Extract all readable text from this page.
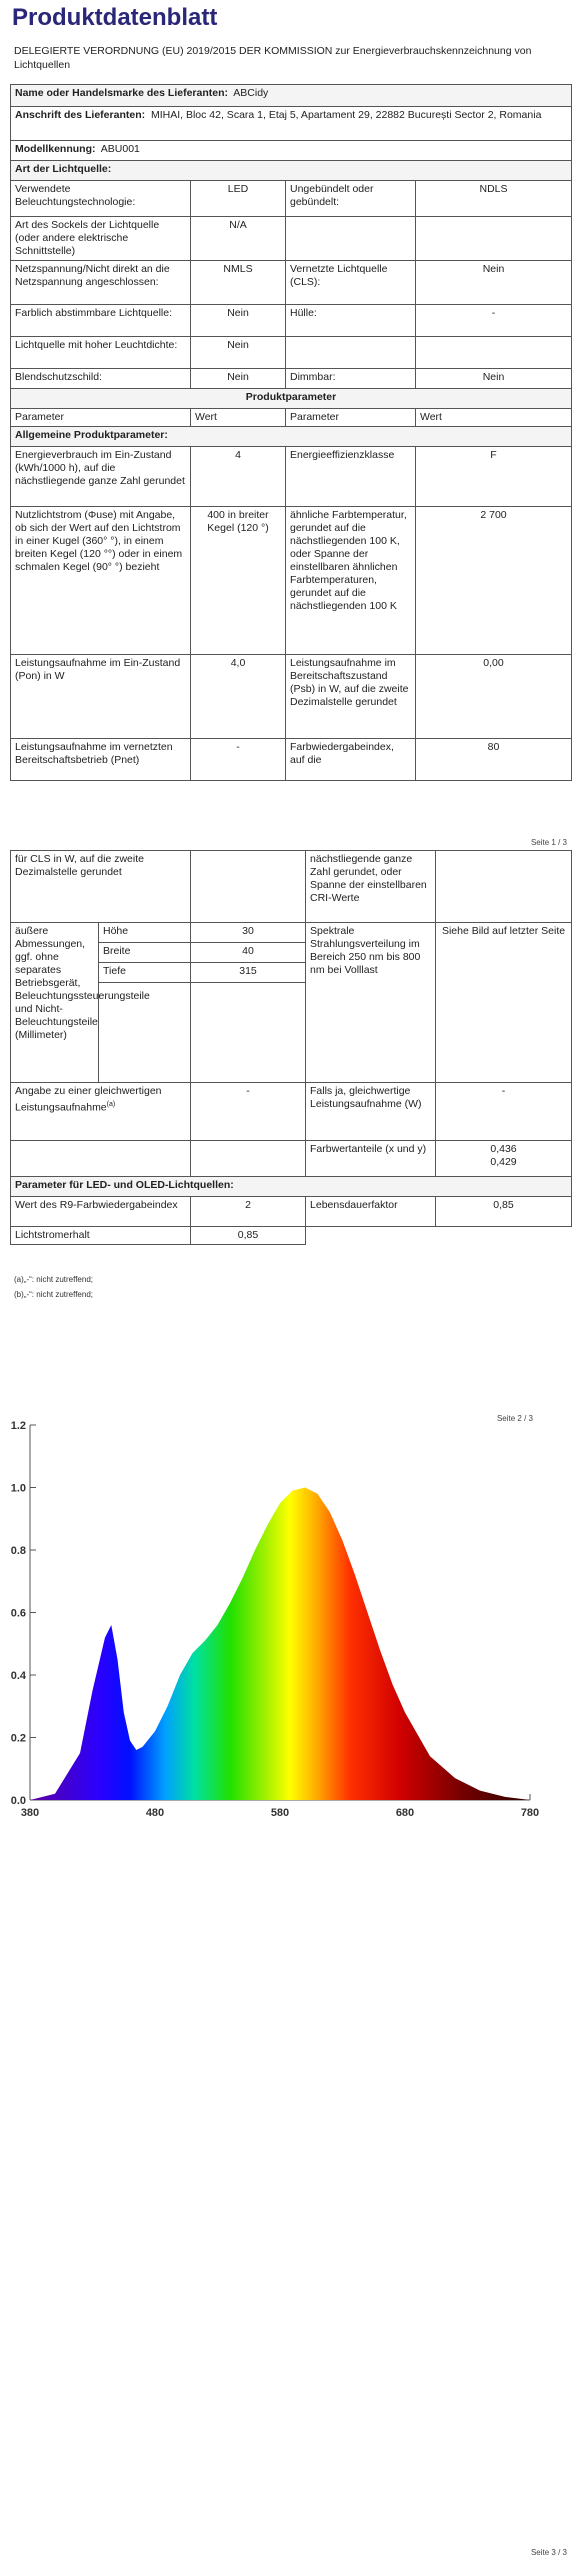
Produktdatenblatt
DELEGIERTE VERORDNUNG (EU) 2019/2015 DER KOMMISSION zur Energieverbrauchskennzeichnung von Lichtquellen
Name oder Handelsmarke des Lieferanten: ABCidy			
Anschrift des Lieferanten: MIHAI, Bloc 42, Scara 1, Etaj 5, Apartament 29, 22882 București Sector 2, Romania			
Modellkennung: ABU001			
Art der Lichtquelle:			
Verwendete Beleuchtungstechnologie:	LED	Ungebündelt oder gebündelt:	NDLS
Art des Sockels der Lichtquelle (oder andere elektrische Schnittstelle)	N/A		
Netzspannung/Nicht direkt an die Netzspannung angeschlossen:	NMLS	Vernetzte Lichtquelle (CLS):	Nein
Farblich abstimmbare Lichtquelle:	Nein	Hülle:	-
Lichtquelle mit hoher Leuchtdichte:	Nein		
Blendschutzschild:	Nein	Dimmbar:	Nein
Produktparameter			
Parameter	Wert	Parameter	Wert
Allgemeine Produktparameter:			
Energieverbrauch im Ein-Zustand (kWh/1000 h), auf die nächstliegende ganze Zahl gerundet	4	Energieeffizienzklasse	F
Nutzlichtstrom (Φuse) mit Angabe, ob sich der Wert auf den Lichtstrom in einer Kugel (360° °), in einem breiten Kegel (120 °°) oder in einem schmalen Kegel (90° °) bezieht	400 in breiter Kegel (120 °)	ähnliche Farbtemperatur, gerundet auf die nächstliegenden 100 K, oder Spanne der einstellbaren ähnlichen Farbtemperaturen, gerundet auf die nächstliegenden 100 K	2 700
Leistungsaufnahme im Ein-Zustand (Pon) in W	4,0	Leistungsaufnahme im Bereitschaftszustand (Psb) in W, auf die zweite Dezimalstelle gerundet	0,00
Leistungsaufnahme im vernetzten Bereitschaftsbetrieb (Pnet)	-	Farbwiedergabeindex, auf die	80
Seite 1 / 3
für CLS in W, auf die zweite Dezimalstelle gerundet			nächstliegende ganze Zahl gerundet, oder Spanne der einstellbaren CRI-Werte	
äußere Abmessungen, ggf. ohne separates Betriebsgerät, Beleuchtungssteuerungsteile und Nicht-Beleuchtungsteile (Millimeter)	Höhe	30	Spektrale Strahlungsverteilung im Bereich 250 nm bis 800 nm bei Volllast	Siehe Bild auf letzter Seite
	Breite	40		
	Tiefe	315		

Angabe zu einer gleichwertigen Leistungsaufnahme$^{(a)}$		-	Falls ja, gleichwertige Leistungsaufnahme (W)	-
			Farbwertanteile (x und y)	0,436
0,429

Parameter für LED- und OLED-Lichtquellen:				
Wert des R9-Farbwiedergabeindex		2	Lebensdauerfaktor	0,85
Lichtstromerhalt		0,85		
(a)„-“: nicht zutreffend;
(b)„-“: nicht zutreffend;
Seite 2 / 3
0.0
0.2
0.4
0.6
0.8
1.0
1.2
380	480	580	680	780
Seite 3 / 3
